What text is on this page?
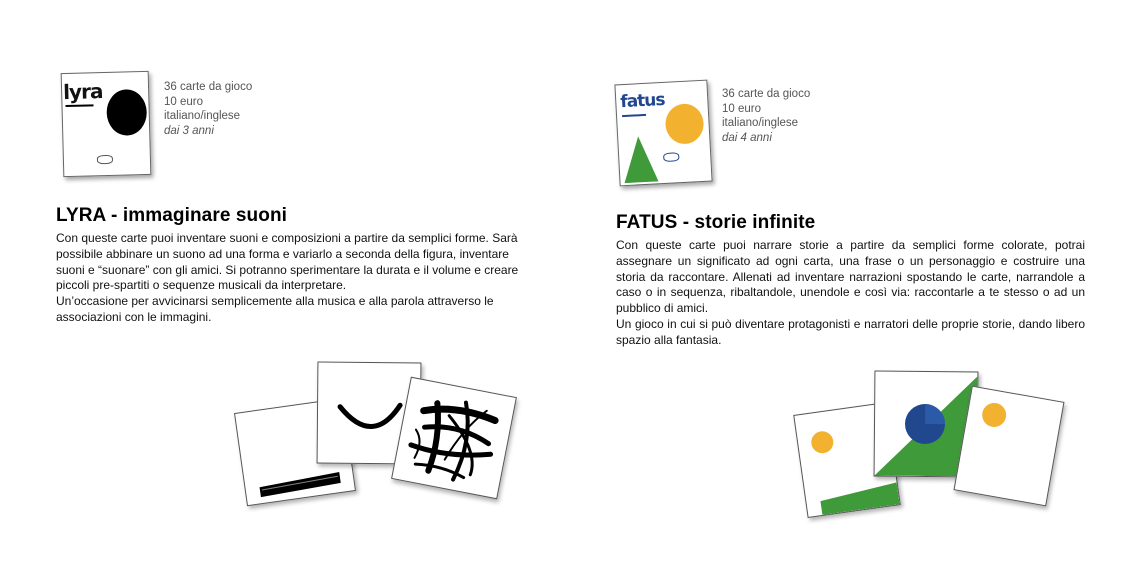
lyra	36 carte da gioco
10 euro
italiano/inglese
dai 3 anni
LYRA - immaginare suoni

Con queste carte puoi inventare suoni e composizioni a partire da semplici forme. Sarà possibile abbinare un suono ad una forma e variarlo a seconda della figura, inventare suoni e “suonare” con gli amici. Si potranno sperimentare la durata e il volume e creare piccoli pre-spartiti o sequenze musicali da interpretare.

Un’occasione per avvicinarsi semplicemente alla musica e alla parola attraverso le associazioni con le immagini.

fatus	36 carte da gioco
10 euro
italiano/inglese
dai 4 anni
FATUS - storie infinite

Con queste carte puoi narrare storie a partire da semplici forme colorate, potrai assegnare un significato ad ogni carta, una frase o un personaggio e costruire una storia da raccontare. Allenati ad inventare narrazioni spostando le carte, narrandole a caso o in sequenza, ribaltandole, unendole e così via: raccontarle a te stesso o ad un pubblico di amici.

Un gioco in cui si può diventare protagonisti e narratori delle proprie storie, dando libero spazio alla fantasia.
